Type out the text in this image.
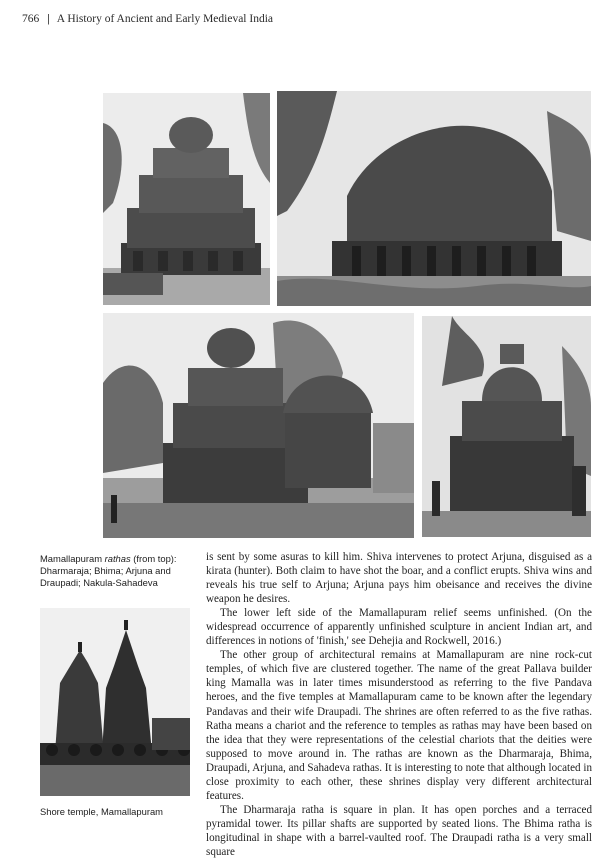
766 | A History of Ancient and Early Medieval India
Mamallapuram rathas (from top): Dharmaraja; Bhima; Arjuna and Draupadi; Nakula-Sahadeva
Shore temple, Mamallapuram

is sent by some asuras to kill him. Shiva intervenes to protect Arjuna, disguised as a kirata (hunter). Both claim to have shot the boar, and a conflict erupts. Shiva wins and reveals his true self to Arjuna; Arjuna pays him obeisance and receives the divine weapon he desires.

The lower left side of the Mamallapuram relief seems unfinished. (On the widespread occurrence of apparently unfinished sculpture in ancient Indian art, and differences in notions of 'finish,' see Dehejia and Rockwell, 2016.)

The other group of architectural remains at Mamallapuram are nine rock-cut temples, of which five are clustered together. The name of the great Pallava builder king Mamalla was in later times misunderstood as referring to the five Pandava heroes, and the five temples at Mamallapuram came to be known after the legendary Pandavas and their wife Draupadi. The shrines are often referred to as the five rathas. Ratha means a chariot and the reference to temples as rathas may have been based on the idea that they were representations of the celestial chariots that the deities were supposed to move around in. The rathas are known as the Dharmaraja, Bhima, Draupadi, Arjuna, and Sahadeva rathas. It is interesting to note that although located in close proximity to each other, these shrines display very different architectural features.

The Dharmaraja ratha is square in plan. It has open porches and a terraced pyramidal tower. Its pillar shafts are supported by seated lions. The Bhima ratha is longitudinal in shape with a barrel-vaulted roof. The Draupadi ratha is a very small square
